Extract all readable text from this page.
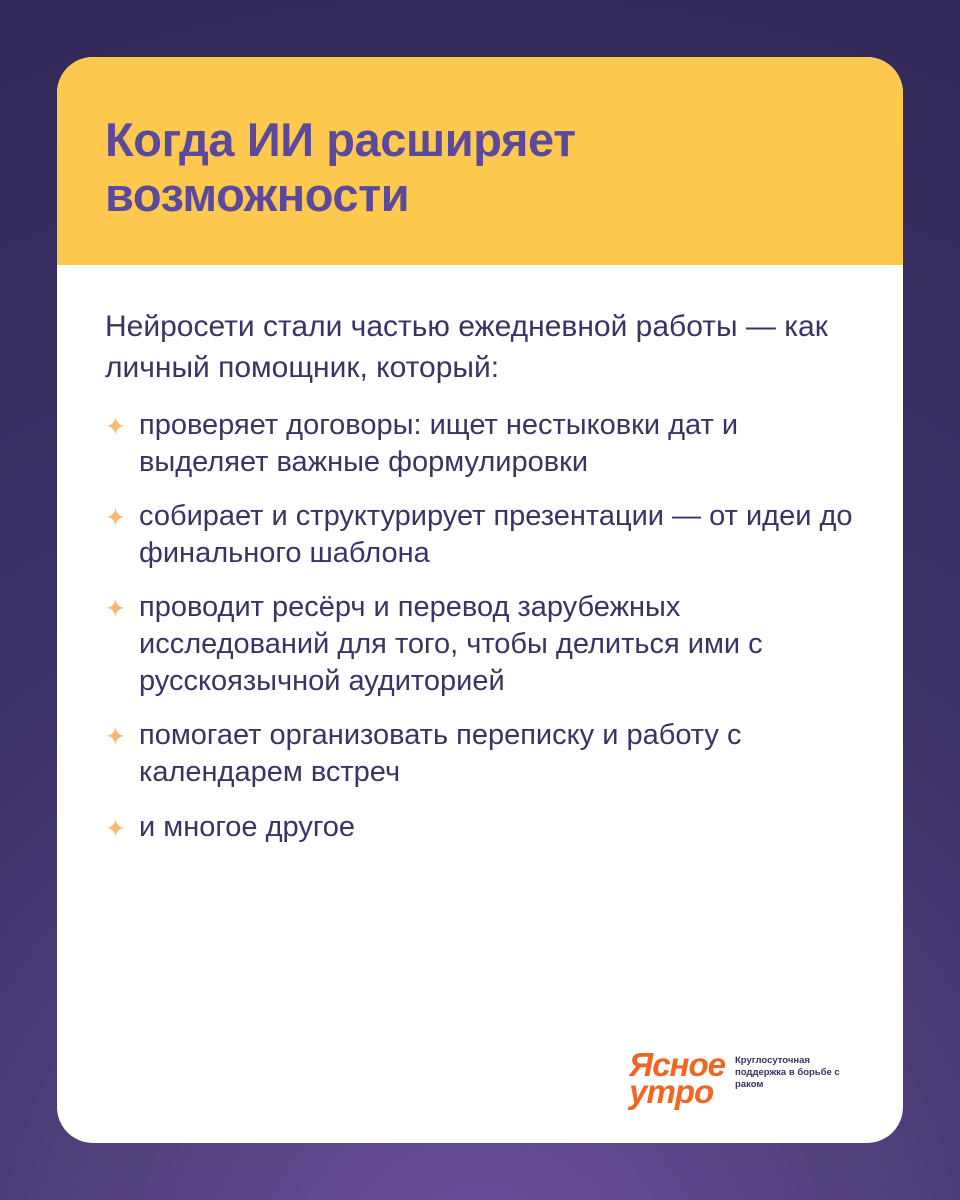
Когда ИИ расширяет возможности

Нейросети стали частью ежедневной работы — как личный помощник, который:

✦ проверяет договоры: ищет нестыковки дат и выделяет важные формулировки
✦ собирает и структурирует презентации — от идеи до финального шаблона
✦ проводит ресёрч и перевод зарубежных исследований для того, чтобы делиться ими с русскоязычной аудиторией
✦ помогает организовать переписку и работу с календарем встреч
✦ и многое другое
Ясное
утро
Круглосуточная поддержка в борьбе с раком
